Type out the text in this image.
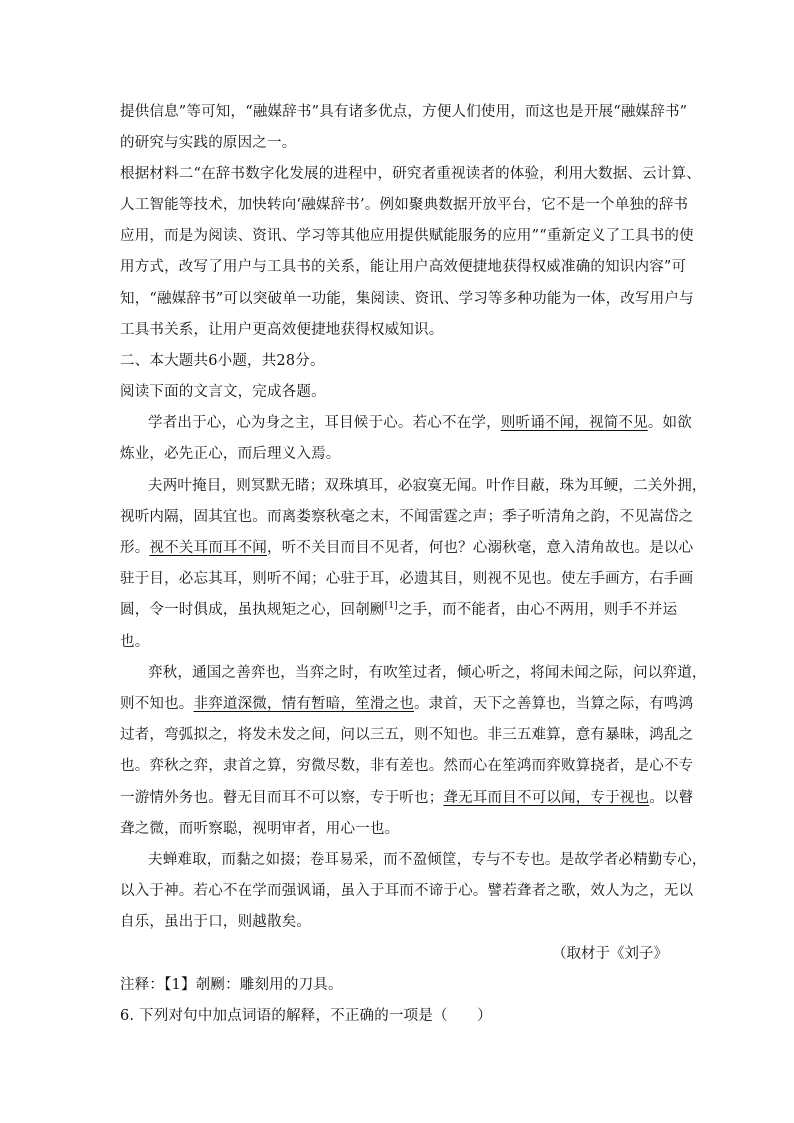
提供信息”等可知，“融媒辞书”具有诸多优点，方便人们使用，而这也是开展“融媒辞书”
的研究与实践的原因之一。
根据材料二“在辞书数字化发展的进程中，研究者重视读者的体验，利用大数据、云计算、
人工智能等技术，加快转向‘融媒辞书’。例如聚典数据开放平台，它不是一个单独的辞书
应用，而是为阅读、资讯、学习等其他应用提供赋能服务的应用”“重新定义了工具书的使
用方式，改写了用户与工具书的关系，能让用户高效便捷地获得权威准确的知识内容”可
知，“融媒辞书”可以突破单一功能，集阅读、资讯、学习等多种功能为一体，改写用户与
工具书关系，让用户更高效便捷地获得权威知识。
二、本大题共6小题，共28分。
阅读下面的文言文，完成各题。
学者出于心，心为身之主，耳目候于心。若心不在学，则听诵不闻，视简不见。如欲
炼业，必先正心，而后理义入焉。
夫两叶掩目，则冥默无睹；双珠填耳，必寂寞无闻。叶作目蔽，珠为耳鲠，二关外拥，
视听内隔，固其宜也。而离娄察秋毫之末，不闻雷霆之声；季子听清角之韵，不见嵩岱之
形。视不关耳而耳不闻，听不关目而目不见者，何也？心溺秋毫，意入清角故也。是以心
驻于目，必忘其耳，则听不闻；心驻于耳，必遗其目，则视不见也。使左手画方，右手画
圆，令一时俱成，虽执规矩之心，回剞劂[1]之手，而不能者，由心不两用，则手不并运
也。
弈秋，通国之善弈也，当弈之时，有吹笙过者，倾心听之，将闻未闻之际，问以弈道，
则不知也。非弈道深微，情有暂暗，笙滑之也。隶首，天下之善算也，当算之际，有鸣鸿
过者，弯弧拟之，将发未发之间，问以三五，则不知也。非三五难算，意有暴昧，鸿乱之
也。弈秋之弈，隶首之算，穷微尽数，非有差也。然而心在笙鸿而弈败算挠者，是心不专
一游情外务也。瞽无目而耳不可以察，专于听也；聋无耳而目不可以闻，专于视也。以瞽
聋之微，而听察聪，视明审者，用心一也。
夫蝉难取，而黏之如掇；卷耳易采，而不盈倾筐，专与不专也。是故学者必精勤专心，
以入于神。若心不在学而强讽诵，虽入于耳而不谛于心。譬若聋者之歌，效人为之，无以
自乐，虽出于口，则越散矣。
（取材于《刘子》
注释：【1】剞劂：雕刻用的刀具。
6. 下列对句中加点词语的解释，不正确的一项是（　　）
